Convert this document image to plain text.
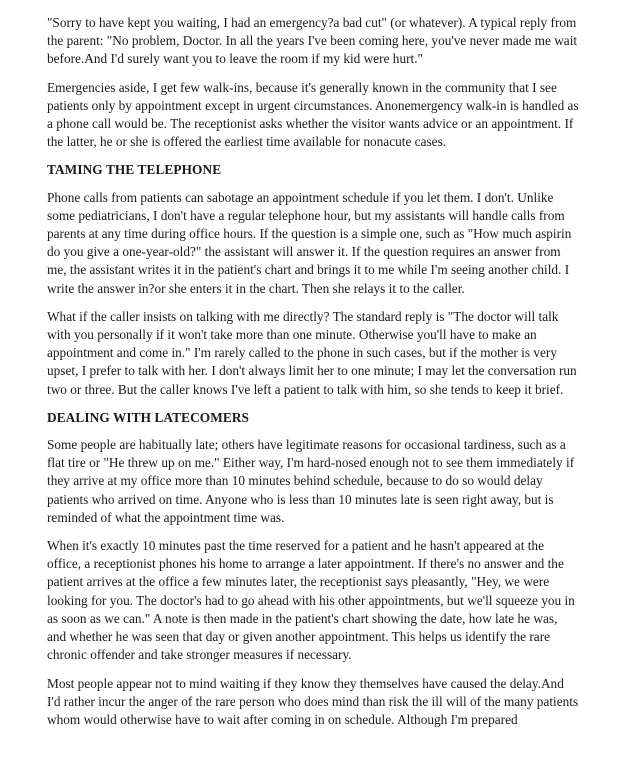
"Sorry to have kept you waiting, I had an emergency?a bad cut" (or whatever). A typical reply from the parent: "No problem, Doctor. In all the years I've been coming here, you've never made me wait before.And I'd surely want you to leave the room if my kid were hurt."

Emergencies aside, I get few walk-ins, because it's generally known in the community that I see patients only by appointment except in urgent circumstances. Anonemergency walk-in is handled as a phone call would be. The receptionist asks whether the visitor wants advice or an appointment. If the latter, he or she is offered the earliest time available for nonacute cases.

TAMING THE TELEPHONE

Phone calls from patients can sabotage an appointment schedule if you let them. I don't. Unlike some pediatricians, I don't have a regular telephone hour, but my assistants will handle calls from parents at any time during office hours. If the question is a simple one, such as "How much aspirin do you give a one-year-old?" the assistant will answer it. If the question requires an answer from me, the assistant writes it in the patient's chart and brings it to me while I'm seeing another child. I write the answer in?or she enters it in the chart. Then she relays it to the caller.

What if the caller insists on talking with me directly? The standard reply is "The doctor will talk with you personally if it won't take more than one minute. Otherwise you'll have to make an appointment and come in." I'm rarely called to the phone in such cases, but if the mother is very upset, I prefer to talk with her. I don't always limit her to one minute; I may let the conversation run two or three. But the caller knows I've left a patient to talk with him, so she tends to keep it brief.

DEALING WITH LATECOMERS

Some people are habitually late; others have legitimate reasons for occasional tardiness, such as a flat tire or "He threw up on me." Either way, I'm hard-nosed enough not to see them immediately if they arrive at my office more than 10 minutes behind schedule, because to do so would delay patients who arrived on time. Anyone who is less than 10 minutes late is seen right away, but is reminded of what the appointment time was.

When it's exactly 10 minutes past the time reserved for a patient and he hasn't appeared at the office, a receptionist phones his home to arrange a later appointment. If there's no answer and the patient arrives at the office a few minutes later, the receptionist says pleasantly, "Hey, we were looking for you. The doctor's had to go ahead with his other appointments, but we'll squeeze you in as soon as we can." A note is then made in the patient's chart showing the date, how late he was, and whether he was seen that day or given another appointment. This helps us identify the rare chronic offender and take stronger measures if necessary.

Most people appear not to mind waiting if they know they themselves have caused the delay.And I'd rather incur the anger of the rare person who does mind than risk the ill will of the many patients whom would otherwise have to wait after coming in on schedule. Although I'm prepared
